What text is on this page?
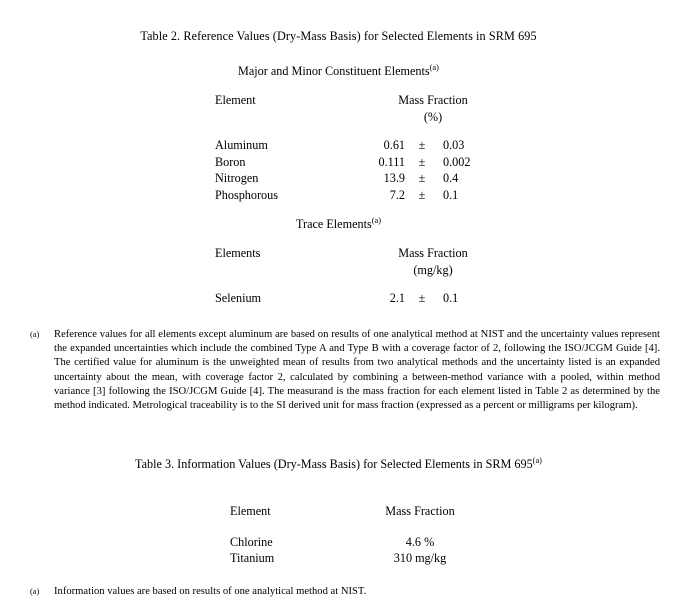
Table 2. Reference Values (Dry-Mass Basis) for Selected Elements in SRM 695
Major and Minor Constituent Elements$^{(a)}$
Element	Mass Fraction		
	(%)		

Aluminum	0.61	±	0.03
Boron	0.111	±	0.002
Nitrogen	13.9	±	0.4
Phosphorous	7.2	±	0.1
Trace Elements$^{(a)}$
Elements	Mass Fraction		
	(mg/kg)		

Selenium	2.1	±	0.1
(a) Reference values for all elements except aluminum are based on results of one analytical method at NIST and the uncertainty values represent the expanded uncertainties which include the combined Type A and Type B with a coverage factor of 2, following the ISO/JCGM Guide [4]. The certified value for aluminum is the unweighted mean of results from two analytical methods and the uncertainty listed is an expanded uncertainty about the mean, with coverage factor 2, calculated by combining a between-method variance with a pooled, within method variance [3] following the ISO/JCGM Guide [4]. The measurand is the mass fraction for each element listed in Table 2 as determined by the method indicated. Metrological traceability is to the SI derived unit for mass fraction (expressed as a percent or milligrams per kilogram).
Table 3. Information Values (Dry-Mass Basis) for Selected Elements in SRM 695$^{(a)}$
Element	Mass Fraction

Chlorine	4.6 %
Titanium	310 mg/kg
(a) Information values are based on results of one analytical method at NIST.
